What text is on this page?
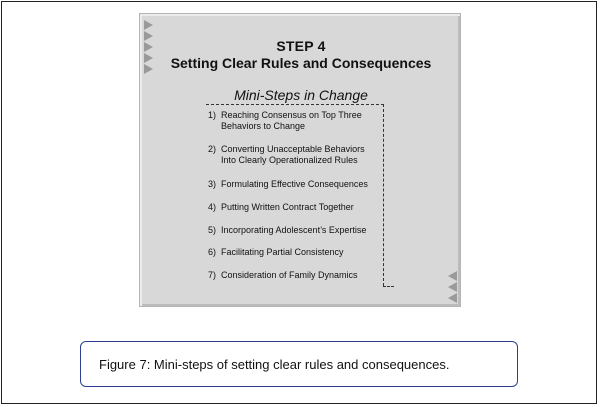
STEP 4
Setting Clear Rules and Consequences
Mini-Steps in Change
1) Reaching Consensus on Top Three
Behaviors to Change
2) Converting Unacceptable Behaviors
Into Clearly Operationalized Rules
3) Formulating Effective Consequences
4) Putting Written Contract Together
5) Incorporating Adolescent’s Expertise
6) Facilitating Partial Consistency
7) Consideration of Family Dynamics
Figure 7: Mini-steps of setting clear rules and consequences.
